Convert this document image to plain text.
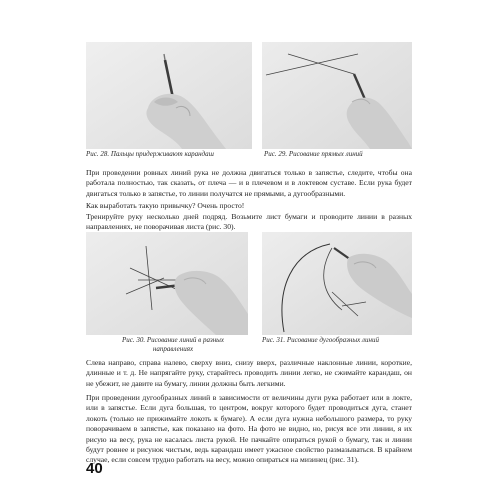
Рис. 28. Пальцы придерживают карандаш	Рис. 29. Рисование прямых линий
При проведении ровных линий рука не должна двигаться только в запястье, следите, чтобы она работала полностью, так сказать, от плеча — и в плечевом и в локтевом суставе. Если рука будет двигаться только в запястье, то линии получатся не прямыми, а дугообразными.
Как выработать такую привычку? Очень просто!
Тренируйте руку несколько дней подряд. Возьмите лист бумаги и проводите линии в разных направлениях, не поворачивая листа (рис. 30).
Рис. 30. Рисование линий в разных направлениях
Рис. 31. Рисование дугообразных линий
Слева направо, справа налево, сверху вниз, снизу вверх, различные наклонные линии, короткие, длинные и т. д. Не напрягайте руку, старайтесь проводить линии легко, не сжимайте карандаш, он не убежит, не давите на бумагу, линии должны быть легкими.
При проведении дугообразных линий в зависимости от величины дуги рука работает или в локте, или в запястье. Если дуга большая, то центром, вокруг которого будет проводиться дуга, станет локоть (только не прижимайте локоть к бумаге). А если дуга нужна небольшого размера, то руку поворачиваем в запястье, как показано на фото. На фото не видно, но, рисуя все эти линии, я их рисую на весу, рука не касалась листа рукой. Не пачкайте опираться рукой о бумагу, так и линии будут ровнее и рисунок чистым, ведь карандаш имеет ужасное свойство размазываться. В крайнем случае, если совсем трудно работать на весу, можно опираться на мизинец (рис. 31).
40
